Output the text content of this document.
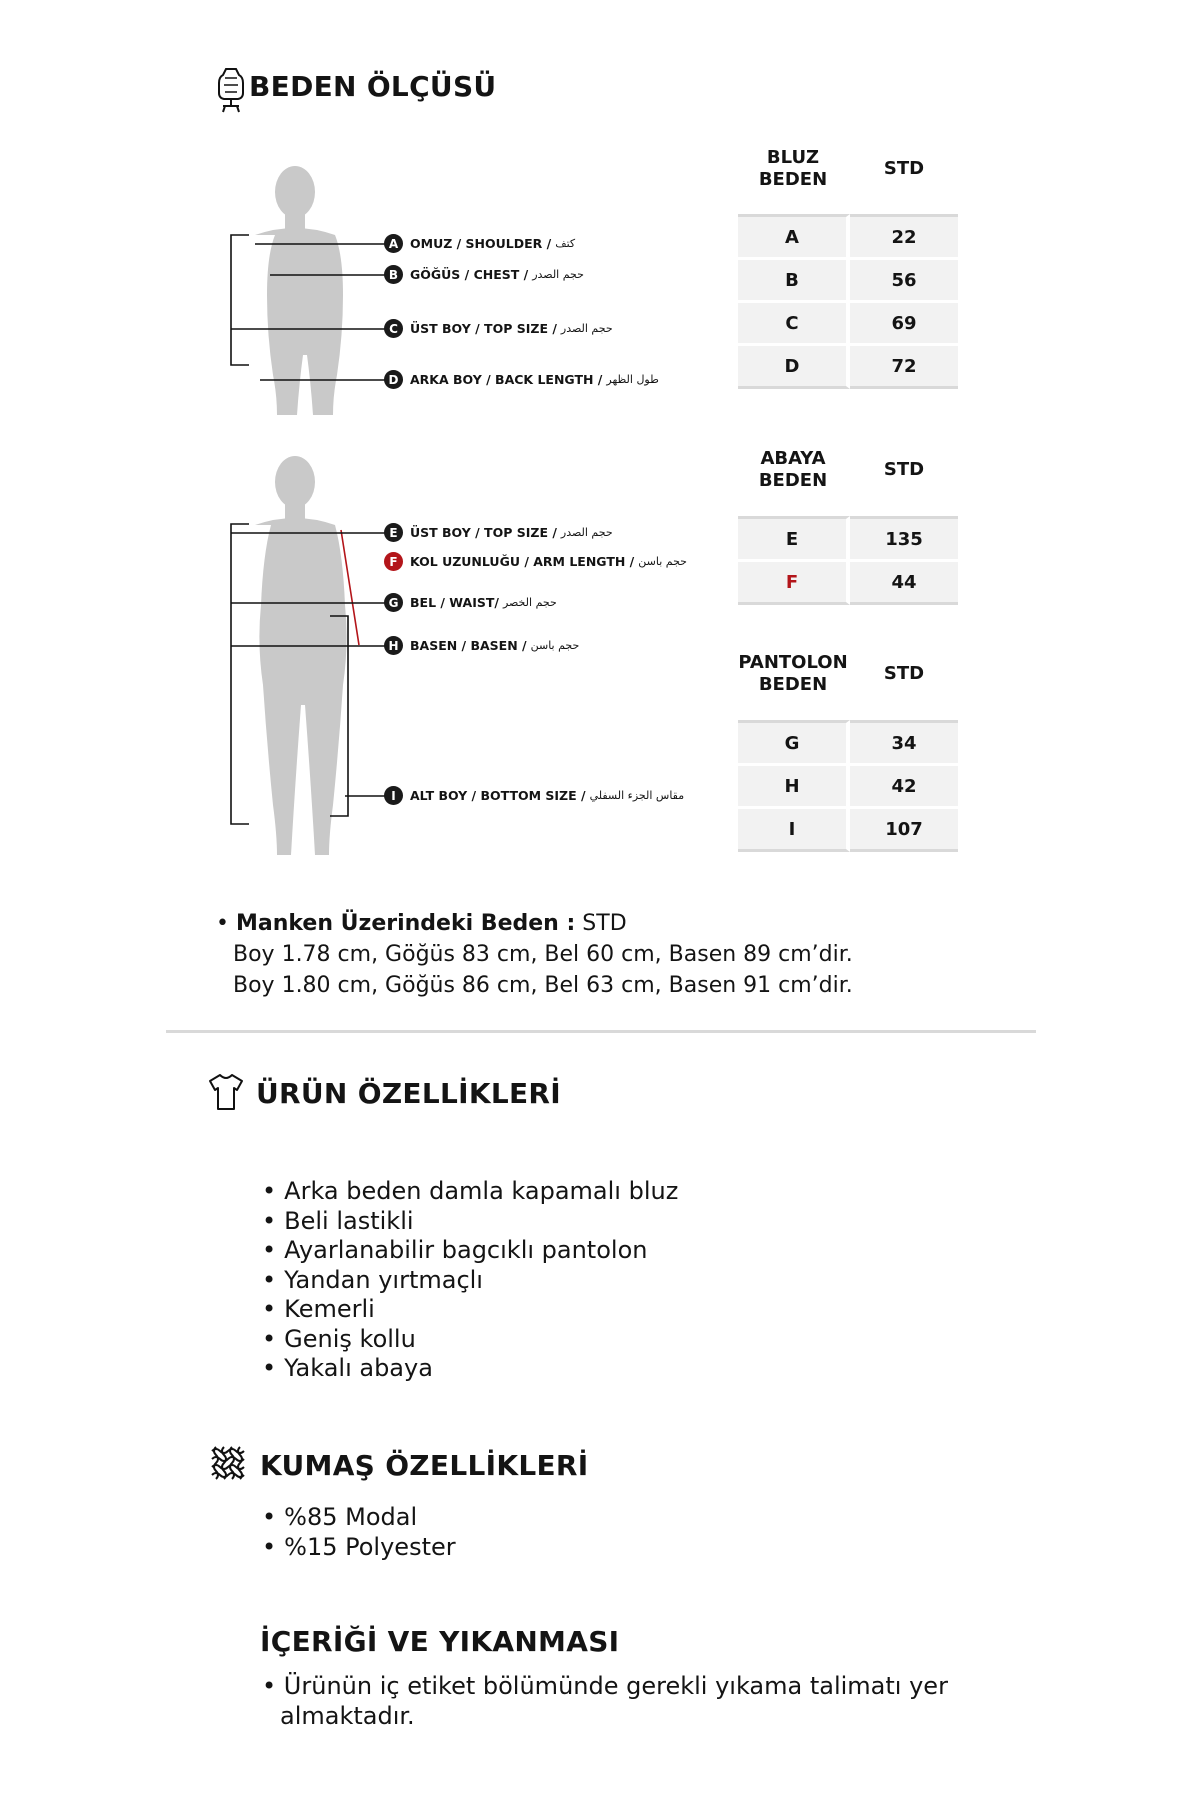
BEDEN ÖLÇÜSÜ
A OMUZ / SHOULDER / كتف
B GÖĞÜS / CHEST / حجم الصدر
C ÜST BOY / TOP SIZE / حجم الصدر
D ARKA BOY / BACK LENGTH / طول الظهر
BLUZ
BEDEN
STD
A	22
B	56
C	69
D	72
E ÜST BOY / TOP SIZE / حجم الصدر
F KOL UZUNLUĞU / ARM LENGTH / حجم باسن
G BEL / WAIST/ حجم الخصر
H BASEN / BASEN / حجم باسن
I	ALT BOY / BOTTOM SIZE / مقاس الجزء السفلي
ABAYA
BEDEN
STD
E	135
F	44
PANTOLON
BEDEN
STD
G	34
H	42
I	107
• Manken Üzerindeki Beden : STD
Boy 1.78 cm, Göğüs 83 cm, Bel 60 cm, Basen 89 cm’dir.
Boy 1.80 cm, Göğüs 86 cm, Bel 63 cm, Basen 91 cm’dir.
ÜRÜN ÖZELLİKLERİ
• Arka beden damla kapamalı bluz
• Beli lastikli
• Ayarlanabilir bagcıklı pantolon
• Yandan yırtmaçlı
• Kemerli
• Geniş kollu
• Yakalı abaya
KUMAŞ ÖZELLİKLERİ
• %85 Modal
• %15 Polyester
İÇERİĞİ VE YIKANMASI
• Ürünün iç etiket bölümünde gerekli yıkama talimatı yer
almaktadır.
